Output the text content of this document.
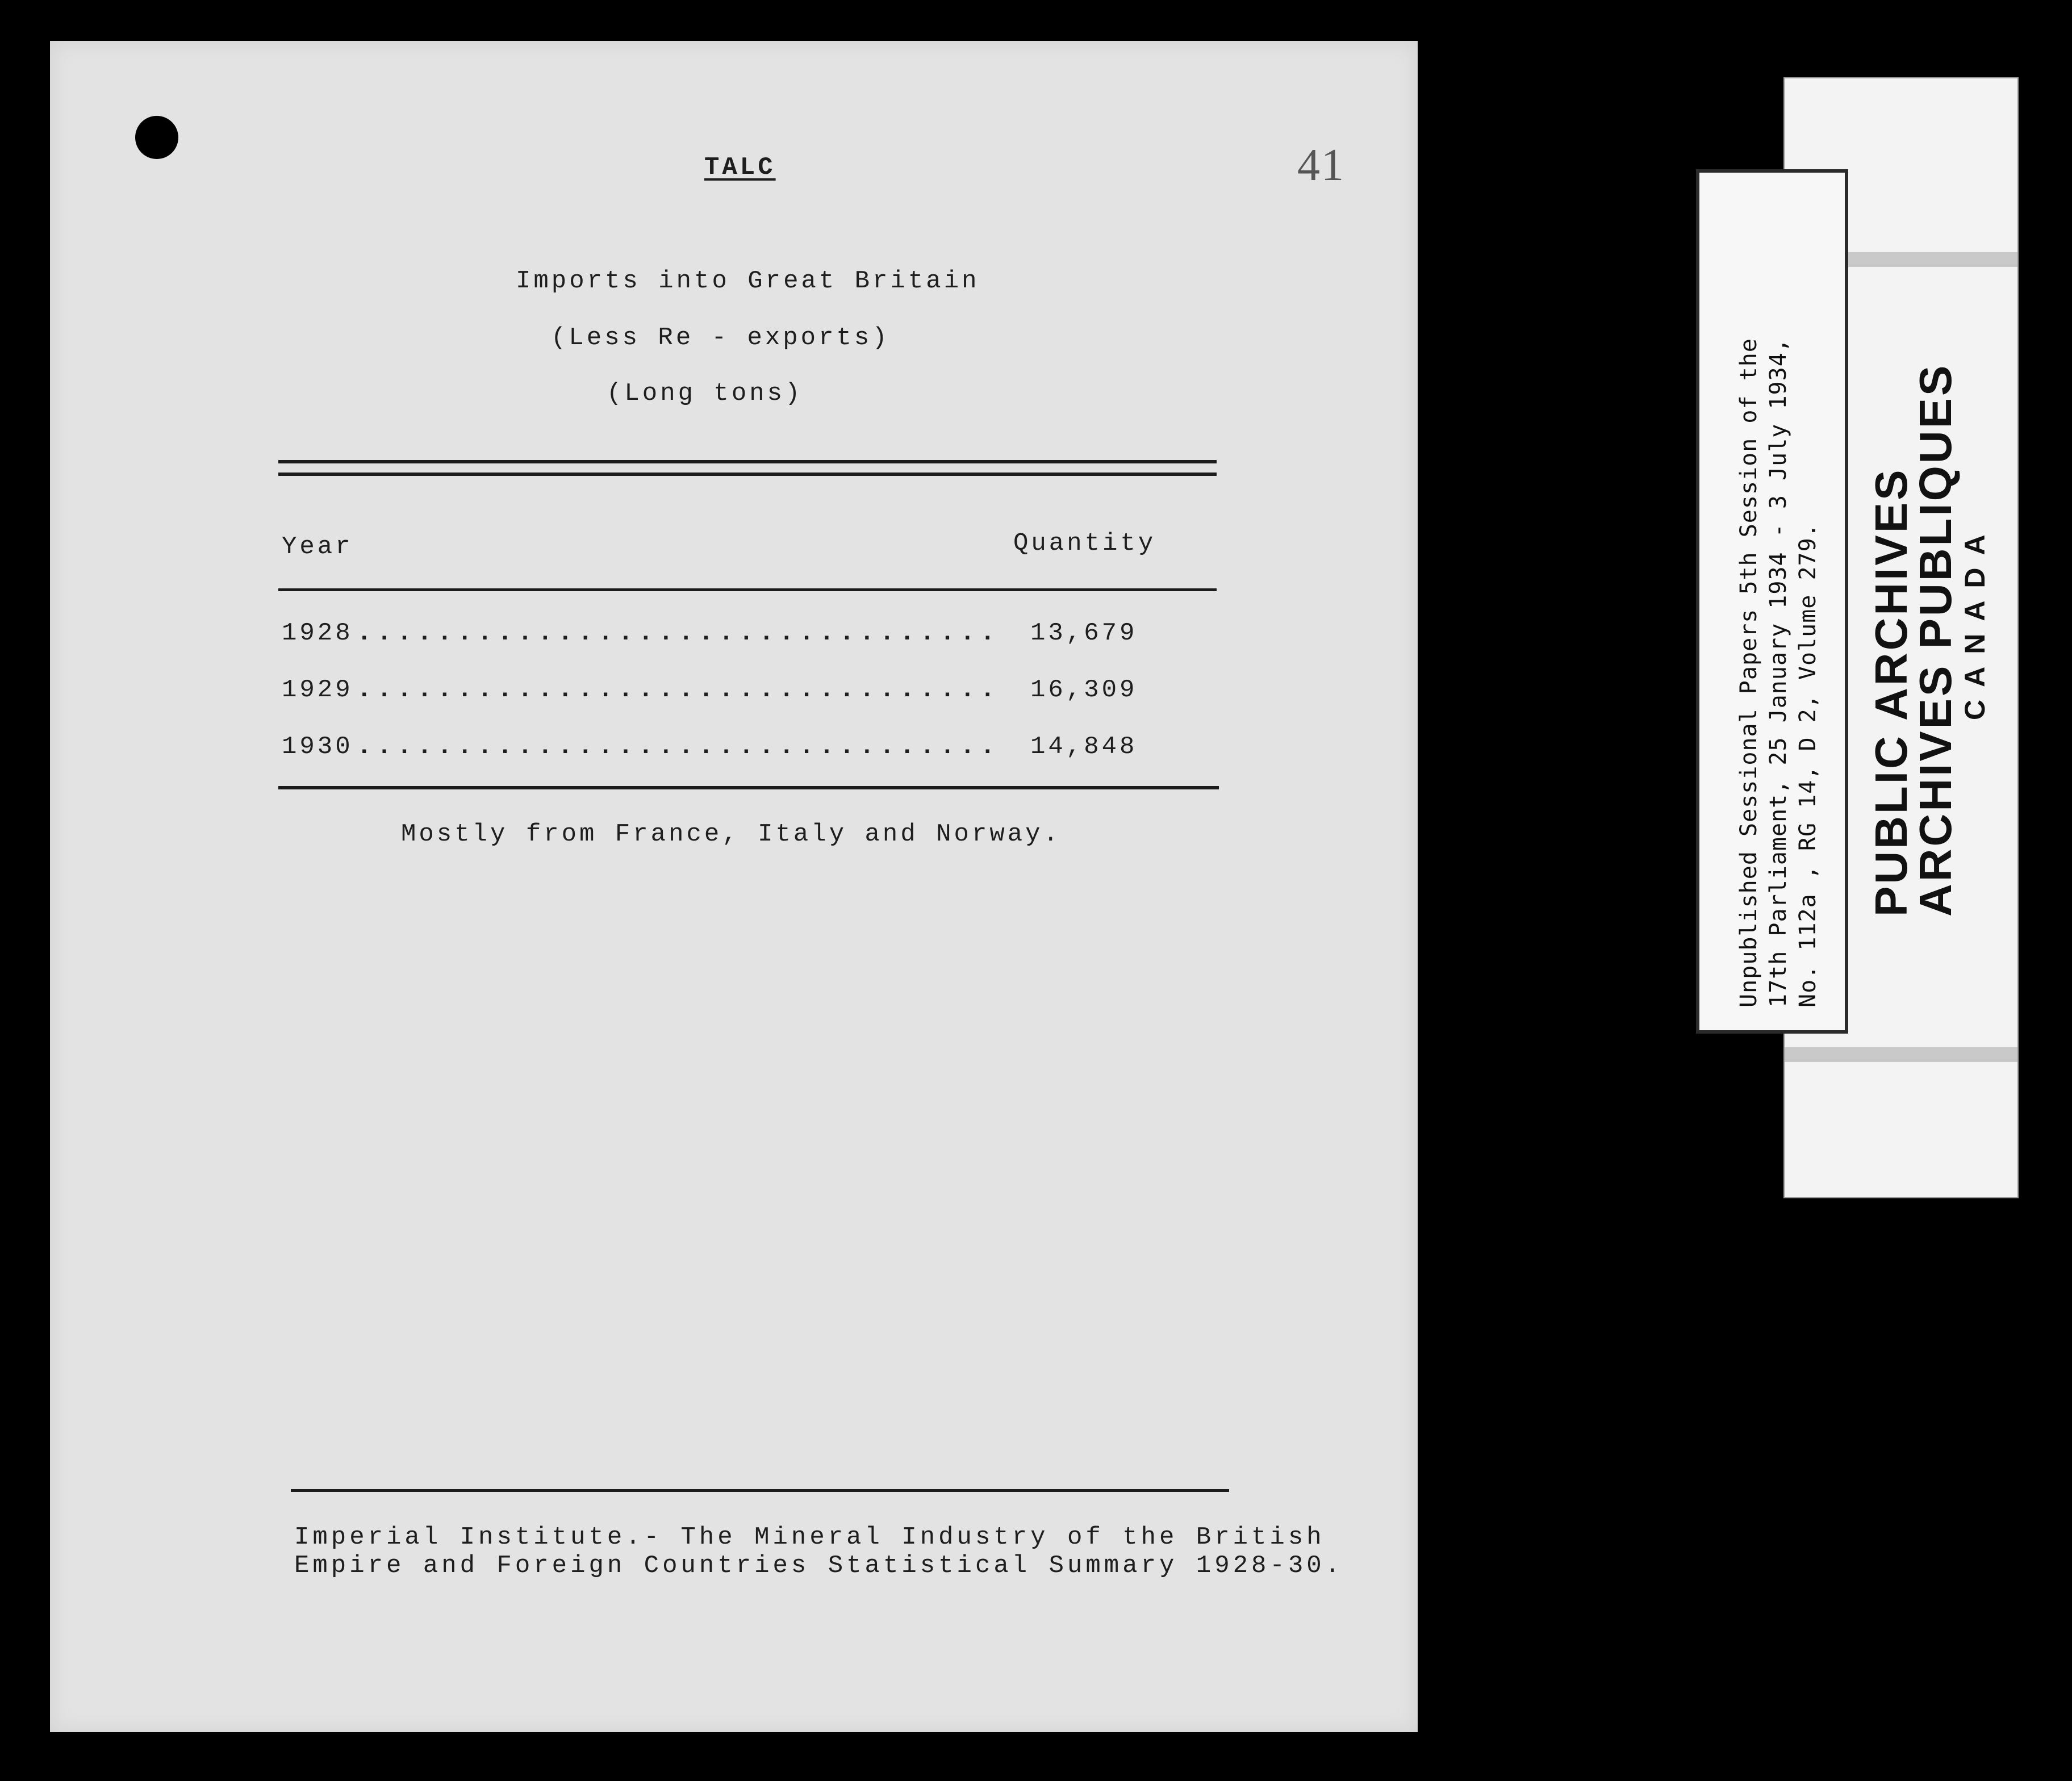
41
TALC
Imports into Great Britain
(Less Re - exports)
(Long tons)
Year	Quantity
1928 ................................ 13,679
1929 ................................ 16,309
1930 ................................ 14,848
Mostly from France, Italy and Norway.
Imperial Institute.- The Mineral Industry of the British
Empire and Foreign Countries Statistical Summary 1928-30.
PUBLIC ARCHIVES
ARCHIVES PUBLIQUES
CANADA
Unpublished Sessional Papers 5th Session of the 17th Parliament, 25 January 1934 - 3 July 1934, No. 112a , RG 14, D 2, Volume 279.
